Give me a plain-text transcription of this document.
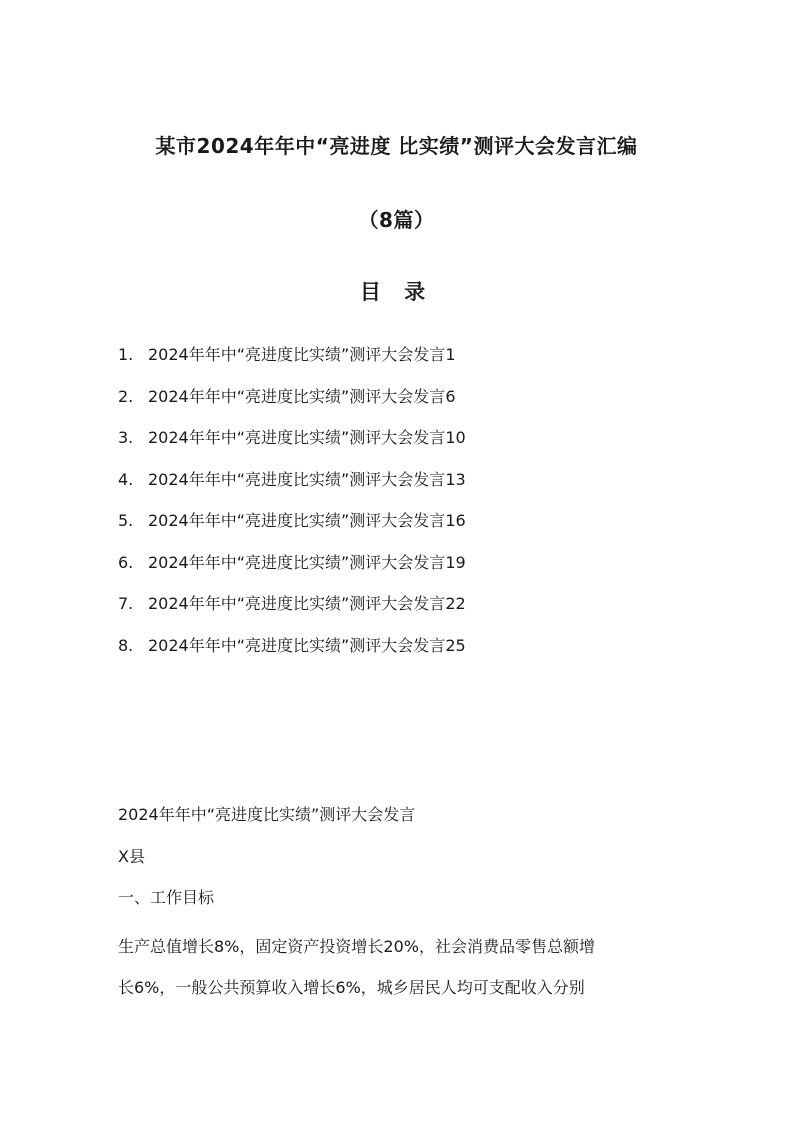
某市2024年年中“亮进度 比实绩”测评大会发言汇编
（8篇）
目 录
1. 2024年年中“亮进度比实绩”测评大会发言1
2. 2024年年中“亮进度比实绩”测评大会发言6
3. 2024年年中“亮进度比实绩”测评大会发言10
4. 2024年年中“亮进度比实绩”测评大会发言13
5. 2024年年中“亮进度比实绩”测评大会发言16
6. 2024年年中“亮进度比实绩”测评大会发言19
7. 2024年年中“亮进度比实绩”测评大会发言22
8. 2024年年中“亮进度比实绩”测评大会发言25
2024年年中“亮进度比实绩”测评大会发言
X县
一、工作目标
生产总值增长8%，固定资产投资增长20%，社会消费品零售总额增
长6%，一般公共预算收入增长6%，城乡居民人均可支配收入分别
